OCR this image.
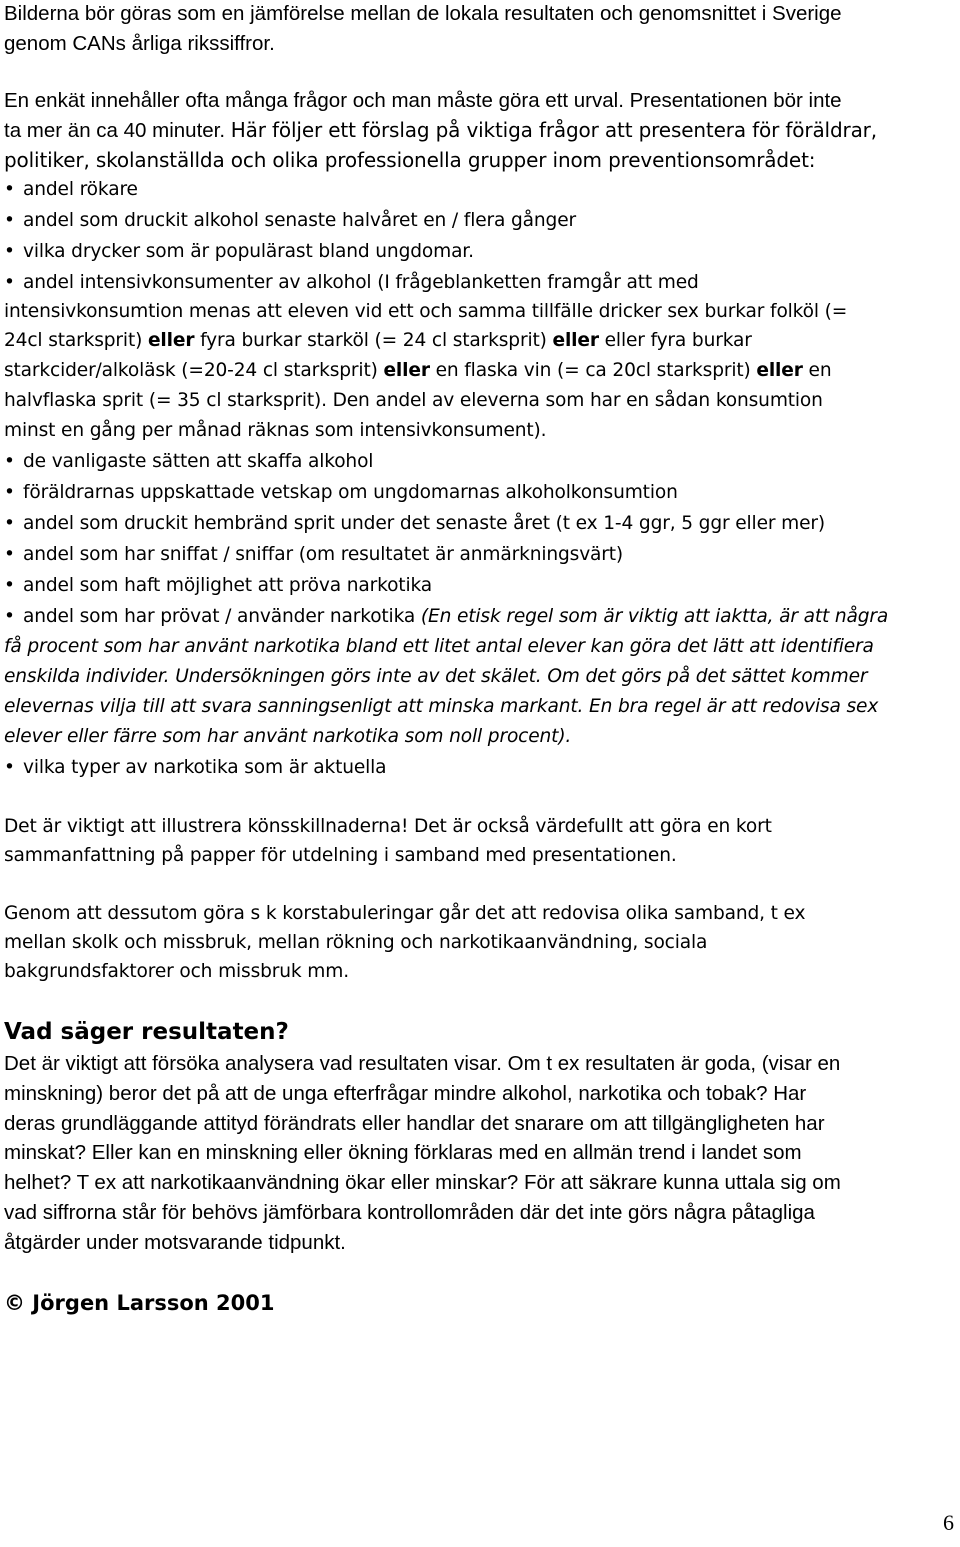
Bilderna bör göras som en jämförelse mellan de lokala resultaten och genomsnittet i Sverige
genom CANs årliga rikssiffror.
En enkät innehåller ofta många frågor och man måste göra ett urval. Presentationen bör inte
ta mer än ca 40 minuter. Här följer ett förslag på viktiga frågor att presentera för föräldrar,
politiker, skolanställda och olika professionella grupper inom preventionsområdet:
• andel rökare
• andel som druckit alkohol senaste halvåret en / flera gånger
• vilka drycker som är populärast bland ungdomar.
• andel intensivkonsumenter av alkohol (I frågeblanketten framgår att med
intensivkonsumtion menas att eleven vid ett och samma tillfälle dricker sex burkar folköl (=
24cl starksprit) eller fyra burkar starköl (= 24 cl starksprit) eller eller fyra burkar
starkcider/alkoläsk (=20-24 cl starksprit) eller en flaska vin (= ca 20cl starksprit) eller en
halvflaska sprit (= 35 cl starksprit). Den andel av eleverna som har en sådan konsumtion
minst en gång per månad räknas som intensivkonsument).
• de vanligaste sätten att skaffa alkohol
• föräldrarnas uppskattade vetskap om ungdomarnas alkoholkonsumtion
• andel som druckit hembränd sprit under det senaste året (t ex 1-4 ggr, 5 ggr eller mer)
• andel som har sniffat / sniffar (om resultatet är anmärkningsvärt)
• andel som haft möjlighet att pröva narkotika
• andel som har prövat / använder narkotika (En etisk regel som är viktig att iaktta, är att några
få procent som har använt narkotika bland ett litet antal elever kan göra det lätt att identifiera
enskilda individer. Undersökningen görs inte av det skälet. Om det görs på det sättet kommer
elevernas vilja till att svara sanningsenligt att minska markant. En bra regel är att redovisa sex
elever eller färre som har använt narkotika som noll procent).
• vilka typer av narkotika som är aktuella
Det är viktigt att illustrera könsskillnaderna! Det är också värdefullt att göra en kort
sammanfattning på papper för utdelning i samband med presentationen.
Genom att dessutom göra s k korstabuleringar går det att redovisa olika samband, t ex
mellan skolk och missbruk, mellan rökning och narkotikaanvändning, sociala
bakgrundsfaktorer och missbruk mm.
Vad säger resultaten?
Det är viktigt att försöka analysera vad resultaten visar. Om t ex resultaten är goda, (visar en
minskning) beror det på att de unga efterfrågar mindre alkohol, narkotika och tobak? Har
deras grundläggande attityd förändrats eller handlar det snarare om att tillgängligheten har
minskat? Eller kan en minskning eller ökning förklaras med en allmän trend i landet som
helhet? T ex att narkotikaanvändning ökar eller minskar? För att säkrare kunna uttala sig om
vad siffrorna står för behövs jämförbara kontrollområden där det inte görs några påtagliga
åtgärder under motsvarande tidpunkt.
© Jörgen Larsson 2001
6
